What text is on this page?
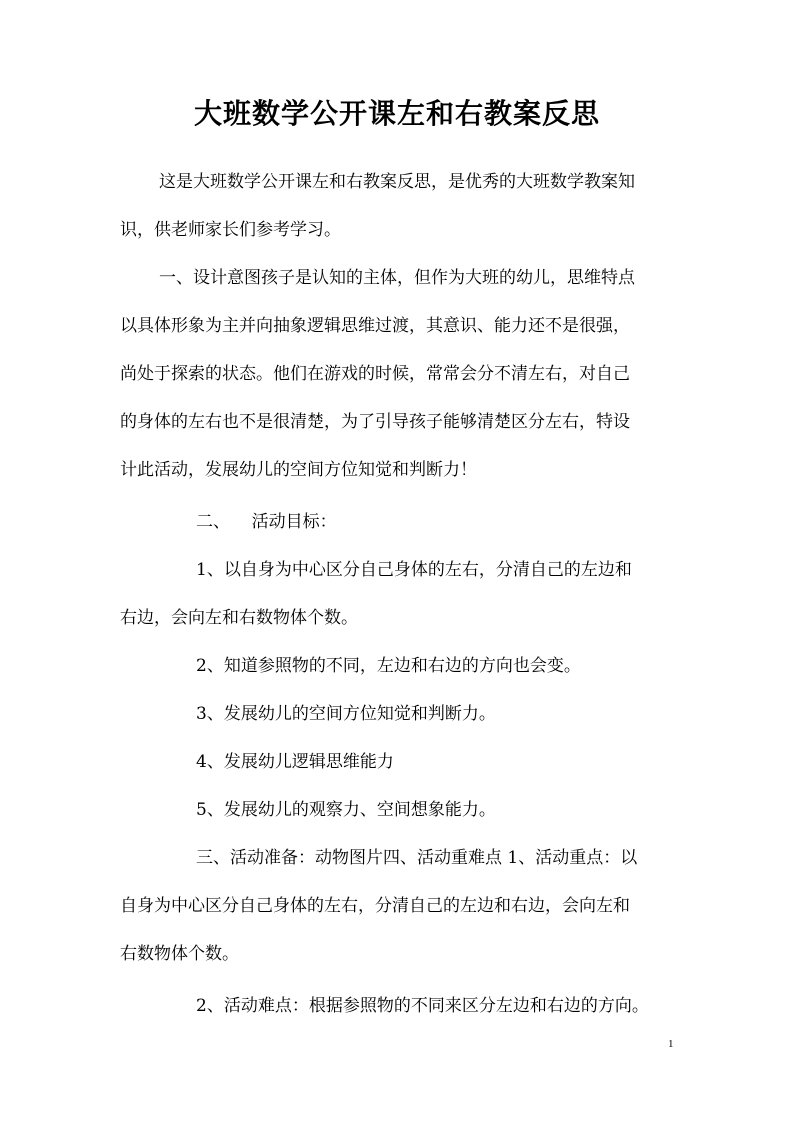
大班数学公开课左和右教案反思
这是大班数学公开课左和右教案反思，是优秀的大班数学教案知
识，供老师家长们参考学习。
一、设计意图孩子是认知的主体，但作为大班的幼儿，思维特点
以具体形象为主并向抽象逻辑思维过渡，其意识、能力还不是很强，
尚处于探索的状态。他们在游戏的时候，常常会分不清左右，对自己
的身体的左右也不是很清楚，为了引导孩子能够清楚区分左右，特设
计此活动，发展幼儿的空间方位知觉和判断力！
二、    活动目标：
1、以自身为中心区分自己身体的左右，分清自己的左边和
右边，会向左和右数物体个数。
2、知道参照物的不同，左边和右边的方向也会变。
3、发展幼儿的空间方位知觉和判断力。
4、发展幼儿逻辑思维能力
5、发展幼儿的观察力、空间想象能力。
三、活动准备：动物图片四、活动重难点 1、活动重点：以
自身为中心区分自己身体的左右，分清自己的左边和右边，会向左和
右数物体个数。
2、活动难点：根据参照物的不同来区分左边和右边的方向。
1
